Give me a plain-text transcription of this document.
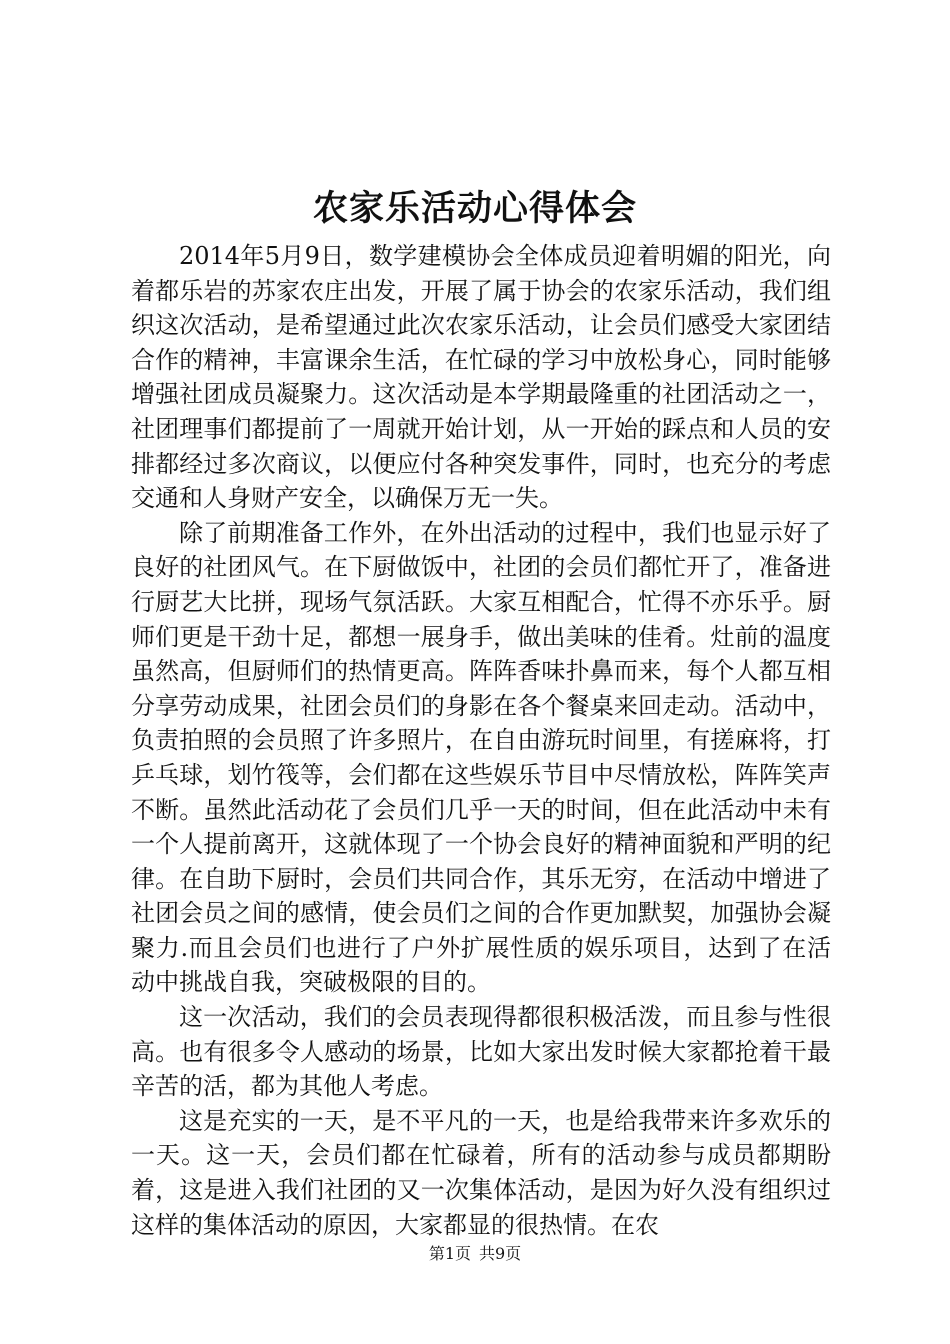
农家乐活动心得体会

2014年5月9日，数学建模协会全体成员迎着明媚的阳光，向着都乐岩的苏家农庄出发，开展了属于协会的农家乐活动，我们组织这次活动，是希望通过此次农家乐活动，让会员们感受大家团结合作的精神，丰富课余生活，在忙碌的学习中放松身心，同时能够增强社团成员凝聚力。这次活动是本学期最隆重的社团活动之一，社团理事们都提前了一周就开始计划，从一开始的踩点和人员的安排都经过多次商议，以便应付各种突发事件，同时，也充分的考虑交通和人身财产安全，以确保万无一失。

除了前期准备工作外，在外出活动的过程中，我们也显示好了良好的社团风气。在下厨做饭中，社团的会员们都忙开了，准备进行厨艺大比拼，现场气氛活跃。大家互相配合，忙得不亦乐乎。厨师们更是干劲十足，都想一展身手，做出美味的佳肴。灶前的温度虽然高，但厨师们的热情更高。阵阵香味扑鼻而来，每个人都互相分享劳动成果，社团会员们的身影在各个餐桌来回走动。活动中，负责拍照的会员照了许多照片，在自由游玩时间里，有搓麻将，打乒乓球，划竹筏等，会们都在这些娱乐节目中尽情放松，阵阵笑声不断。虽然此活动花了会员们几乎一天的时间，但在此活动中未有一个人提前离开，这就体现了一个协会良好的精神面貌和严明的纪律。在自助下厨时，会员们共同合作，其乐无穷，在活动中增进了社团会员之间的感情，使会员们之间的合作更加默契，加强协会凝聚力.而且会员们也进行了户外扩展性质的娱乐项目，达到了在活动中挑战自我，突破极限的目的。

这一次活动，我们的会员表现得都很积极活泼，而且参与性很高。也有很多令人感动的场景，比如大家出发时候大家都抢着干最辛苦的活，都为其他人考虑。

这是充实的一天，是不平凡的一天，也是给我带来许多欢乐的一天。这一天，会员们都在忙碌着，所有的活动参与成员都期盼着，这是进入我们社团的又一次集体活动，是因为好久没有组织过这样的集体活动的原因，大家都显的很热情。在农

第1页 共9页
